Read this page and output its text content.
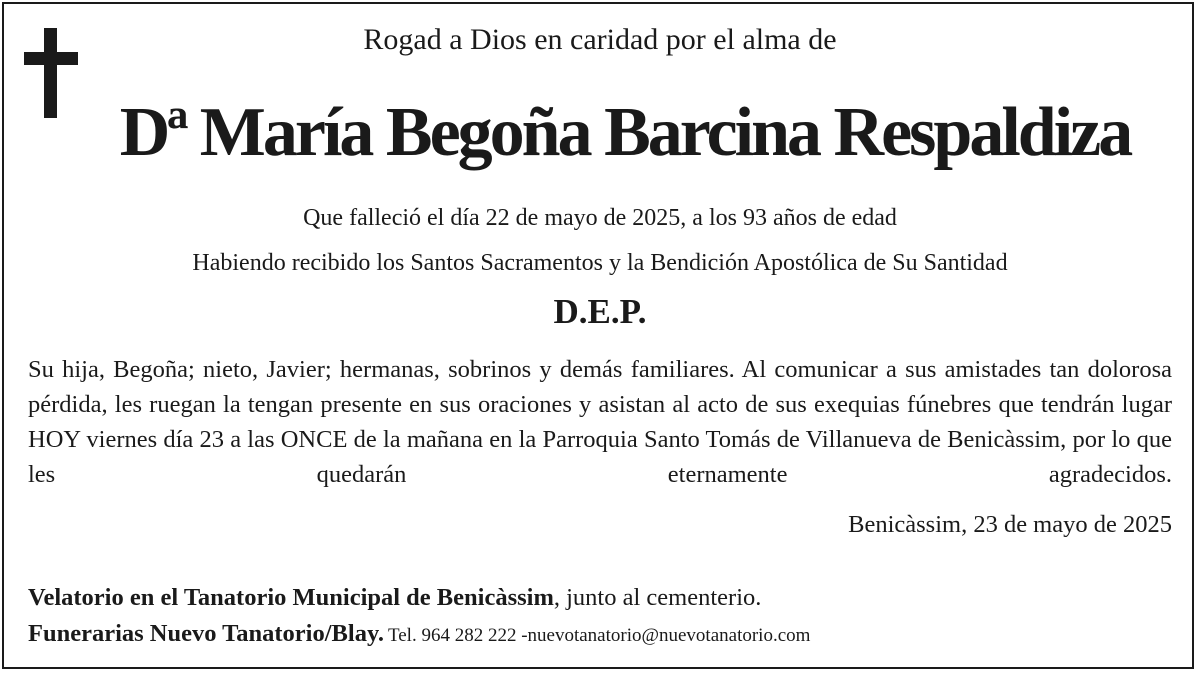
Rogad a Dios en caridad por el alma de
Dª María Begoña Barcina Respaldiza
Que falleció el día 22 de mayo de 2025, a los 93 años de edad
Habiendo recibido los Santos Sacramentos y la Bendición Apostólica de Su Santidad
D.E.P.
Su hija, Begoña; nieto, Javier; hermanas, sobrinos y demás familiares. Al comunicar a sus amistades tan dolorosa pérdida, les ruegan la tengan presente en sus oraciones y asistan al acto de sus exequias fúnebres que tendrán lugar HOY viernes día 23 a las ONCE de la mañana en la Parroquia Santo Tomás de Villanueva de Benicàssim, por lo que les quedarán eternamente agradecidos.
Benicàssim, 23 de mayo de 2025
Velatorio en el Tanatorio Municipal de Benicàssim, junto al cementerio.
Funerarias Nuevo Tanatorio/Blay. Tel. 964 282 222 -nuevotanatorio@nuevotanatorio.com
